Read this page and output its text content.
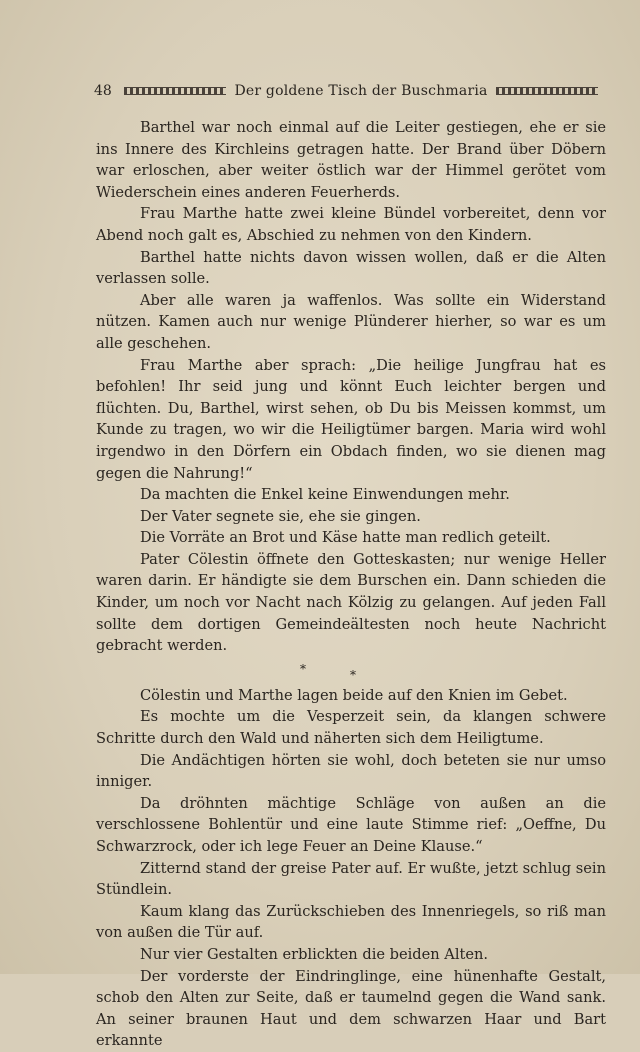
48	Der goldene Tisch der Buschmaria

Barthel war noch einmal auf die Leiter gestiegen, ehe er sie ins Innere des Kirchleins getragen hatte. Der Brand über Döbern war erloschen, aber weiter östlich war der Himmel gerötet vom Wiederschein eines anderen Feuerherds.

Frau Marthe hatte zwei kleine Bündel vorbereitet, denn vor Abend noch galt es, Abschied zu nehmen von den Kindern.

Barthel hatte nichts davon wissen wollen, daß er die Alten verlassen solle.

Aber alle waren ja waffenlos. Was sollte ein Widerstand nützen. Kamen auch nur wenige Plünderer hierher, so war es um alle geschehen.

Frau Marthe aber sprach: „Die heilige Jungfrau hat es befohlen! Ihr seid jung und könnt Euch leichter bergen und flüchten. Du, Barthel, wirst sehen, ob Du bis Meissen kommst, um Kunde zu tragen, wo wir die Heiligtümer bargen. Maria wird wohl irgendwo in den Dörfern ein Obdach finden, wo sie dienen mag gegen die Nahrung!“

Da machten die Enkel keine Einwendungen mehr.

Der Vater segnete sie, ehe sie gingen.

Die Vorräte an Brot und Käse hatte man redlich geteilt.

Pater Cölestin öffnete den Gotteskasten; nur wenige Heller waren darin. Er händigte sie dem Burschen ein. Dann schieden die Kinder, um noch vor Nacht nach Kölzig zu gelangen. Auf jeden Fall sollte dem dortigen Gemeindeältesten noch heute Nachricht gebracht werden.

*	*

Cölestin und Marthe lagen beide auf den Knien im Gebet.

Es mochte um die Vesperzeit sein, da klangen schwere Schritte durch den Wald und näherten sich dem Heiligtume.

Die Andächtigen hörten sie wohl, doch beteten sie nur umso inniger.

Da dröhnten mächtige Schläge von außen an die verschlossene Bohlentür und eine laute Stimme rief: „Oeffne, Du Schwarzrock, oder ich lege Feuer an Deine Klause.“

Zitternd stand der greise Pater auf. Er wußte, jetzt schlug sein Stündlein.

Kaum klang das Zurückschieben des Innenriegels, so riß man von außen die Tür auf.

Nur vier Gestalten erblickten die beiden Alten.

Der vorderste der Eindringlinge, eine hünenhafte Gestalt, schob den Alten zur Seite, daß er taumelnd gegen die Wand sank. An seiner braunen Haut und dem schwarzen Haar und Bart erkannte
